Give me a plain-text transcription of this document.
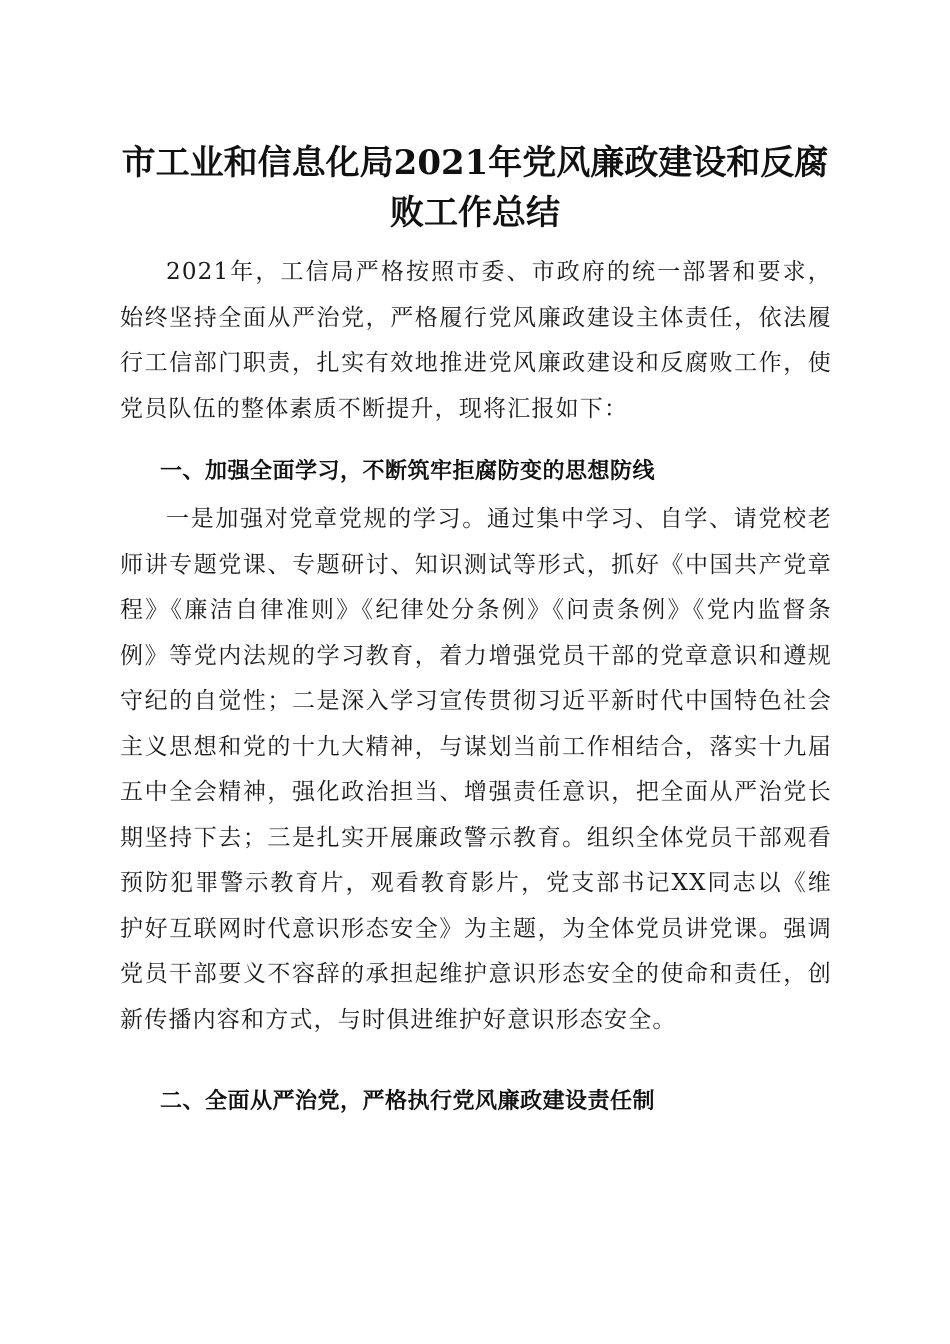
市工业和信息化局2021年党风廉政建设和反腐败工作总结
2021年，工信局严格按照市委、市政府的统一部署和要求，始终坚持全面从严治党，严格履行党风廉政建设主体责任，依法履行工信部门职责，扎实有效地推进党风廉政建设和反腐败工作，使党员队伍的整体素质不断提升，现将汇报如下：
一、加强全面学习，不断筑牢拒腐防变的思想防线
一是加强对党章党规的学习。通过集中学习、自学、请党校老师讲专题党课、专题研讨、知识测试等形式，抓好《中国共产党章程》《廉洁自律准则》《纪律处分条例》《问责条例》《党内监督条例》等党内法规的学习教育，着力增强党员干部的党章意识和遵规守纪的自觉性；二是深入学习宣传贯彻习近平新时代中国特色社会主义思想和党的十九大精神，与谋划当前工作相结合，落实十九届五中全会精神，强化政治担当、增强责任意识，把全面从严治党长期坚持下去；三是扎实开展廉政警示教育。组织全体党员干部观看预防犯罪警示教育片，观看教育影片，党支部书记XX同志以《维护好互联网时代意识形态安全》为主题，为全体党员讲党课。强调党员干部要义不容辞的承担起维护意识形态安全的使命和责任，创新传播内容和方式，与时俱进维护好意识形态安全。
二、全面从严治党，严格执行党风廉政建设责任制
